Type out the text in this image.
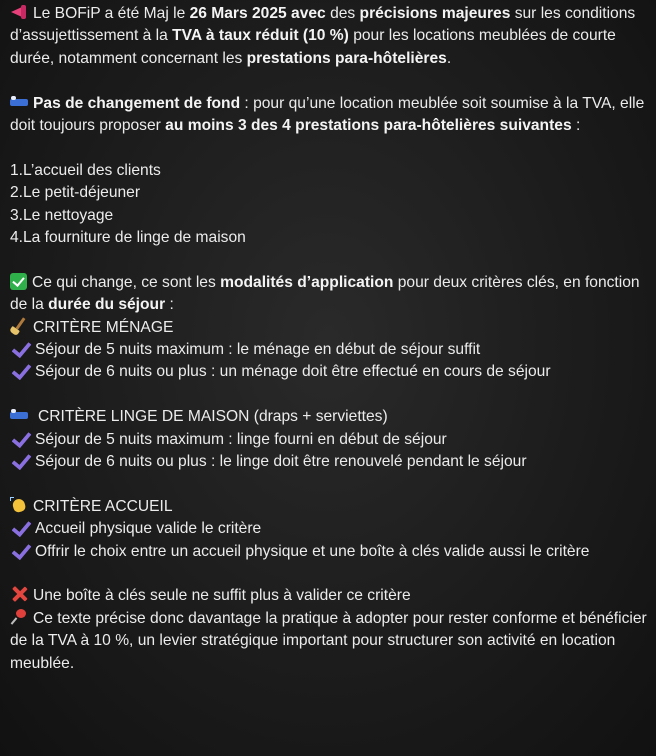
Le BOFiP a été Maj le 26 Mars 2025 avec des précisions majeures sur les conditions d’assujettissement à la TVA à taux réduit (10 %) pour les locations meublées de courte durée, notamment concernant les prestations para-hôtelières.

Pas de changement de fond : pour qu’une location meublée soit soumise à la TVA, elle doit toujours proposer au moins 3 des 4 prestations para-hôtelières suivantes :

1.L’accueil des clients
2.Le petit-déjeuner
3.Le nettoyage
4.La fourniture de linge de maison

Ce qui change, ce sont les modalités d’application pour deux critères clés, en fonction de la durée du séjour :

CRITÈRE MÉNAGE

Séjour de 5 nuits maximum : le ménage en début de séjour suffit

Séjour de 6 nuits ou plus : un ménage doit être effectué en cours de séjour

CRITÈRE LINGE DE MAISON (draps + serviettes)

Séjour de 5 nuits maximum : linge fourni en début de séjour

Séjour de 6 nuits ou plus : le linge doit être renouvelé pendant le séjour

CRITÈRE ACCUEIL

Accueil physique valide le critère

Offrir le choix entre un accueil physique et une boîte à clés valide aussi le critère

Une boîte à clés seule ne suffit plus à valider ce critère

Ce texte précise donc davantage la pratique à adopter pour rester conforme et bénéficier de la TVA à 10 %, un levier stratégique important pour structurer son activité en location meublée.
